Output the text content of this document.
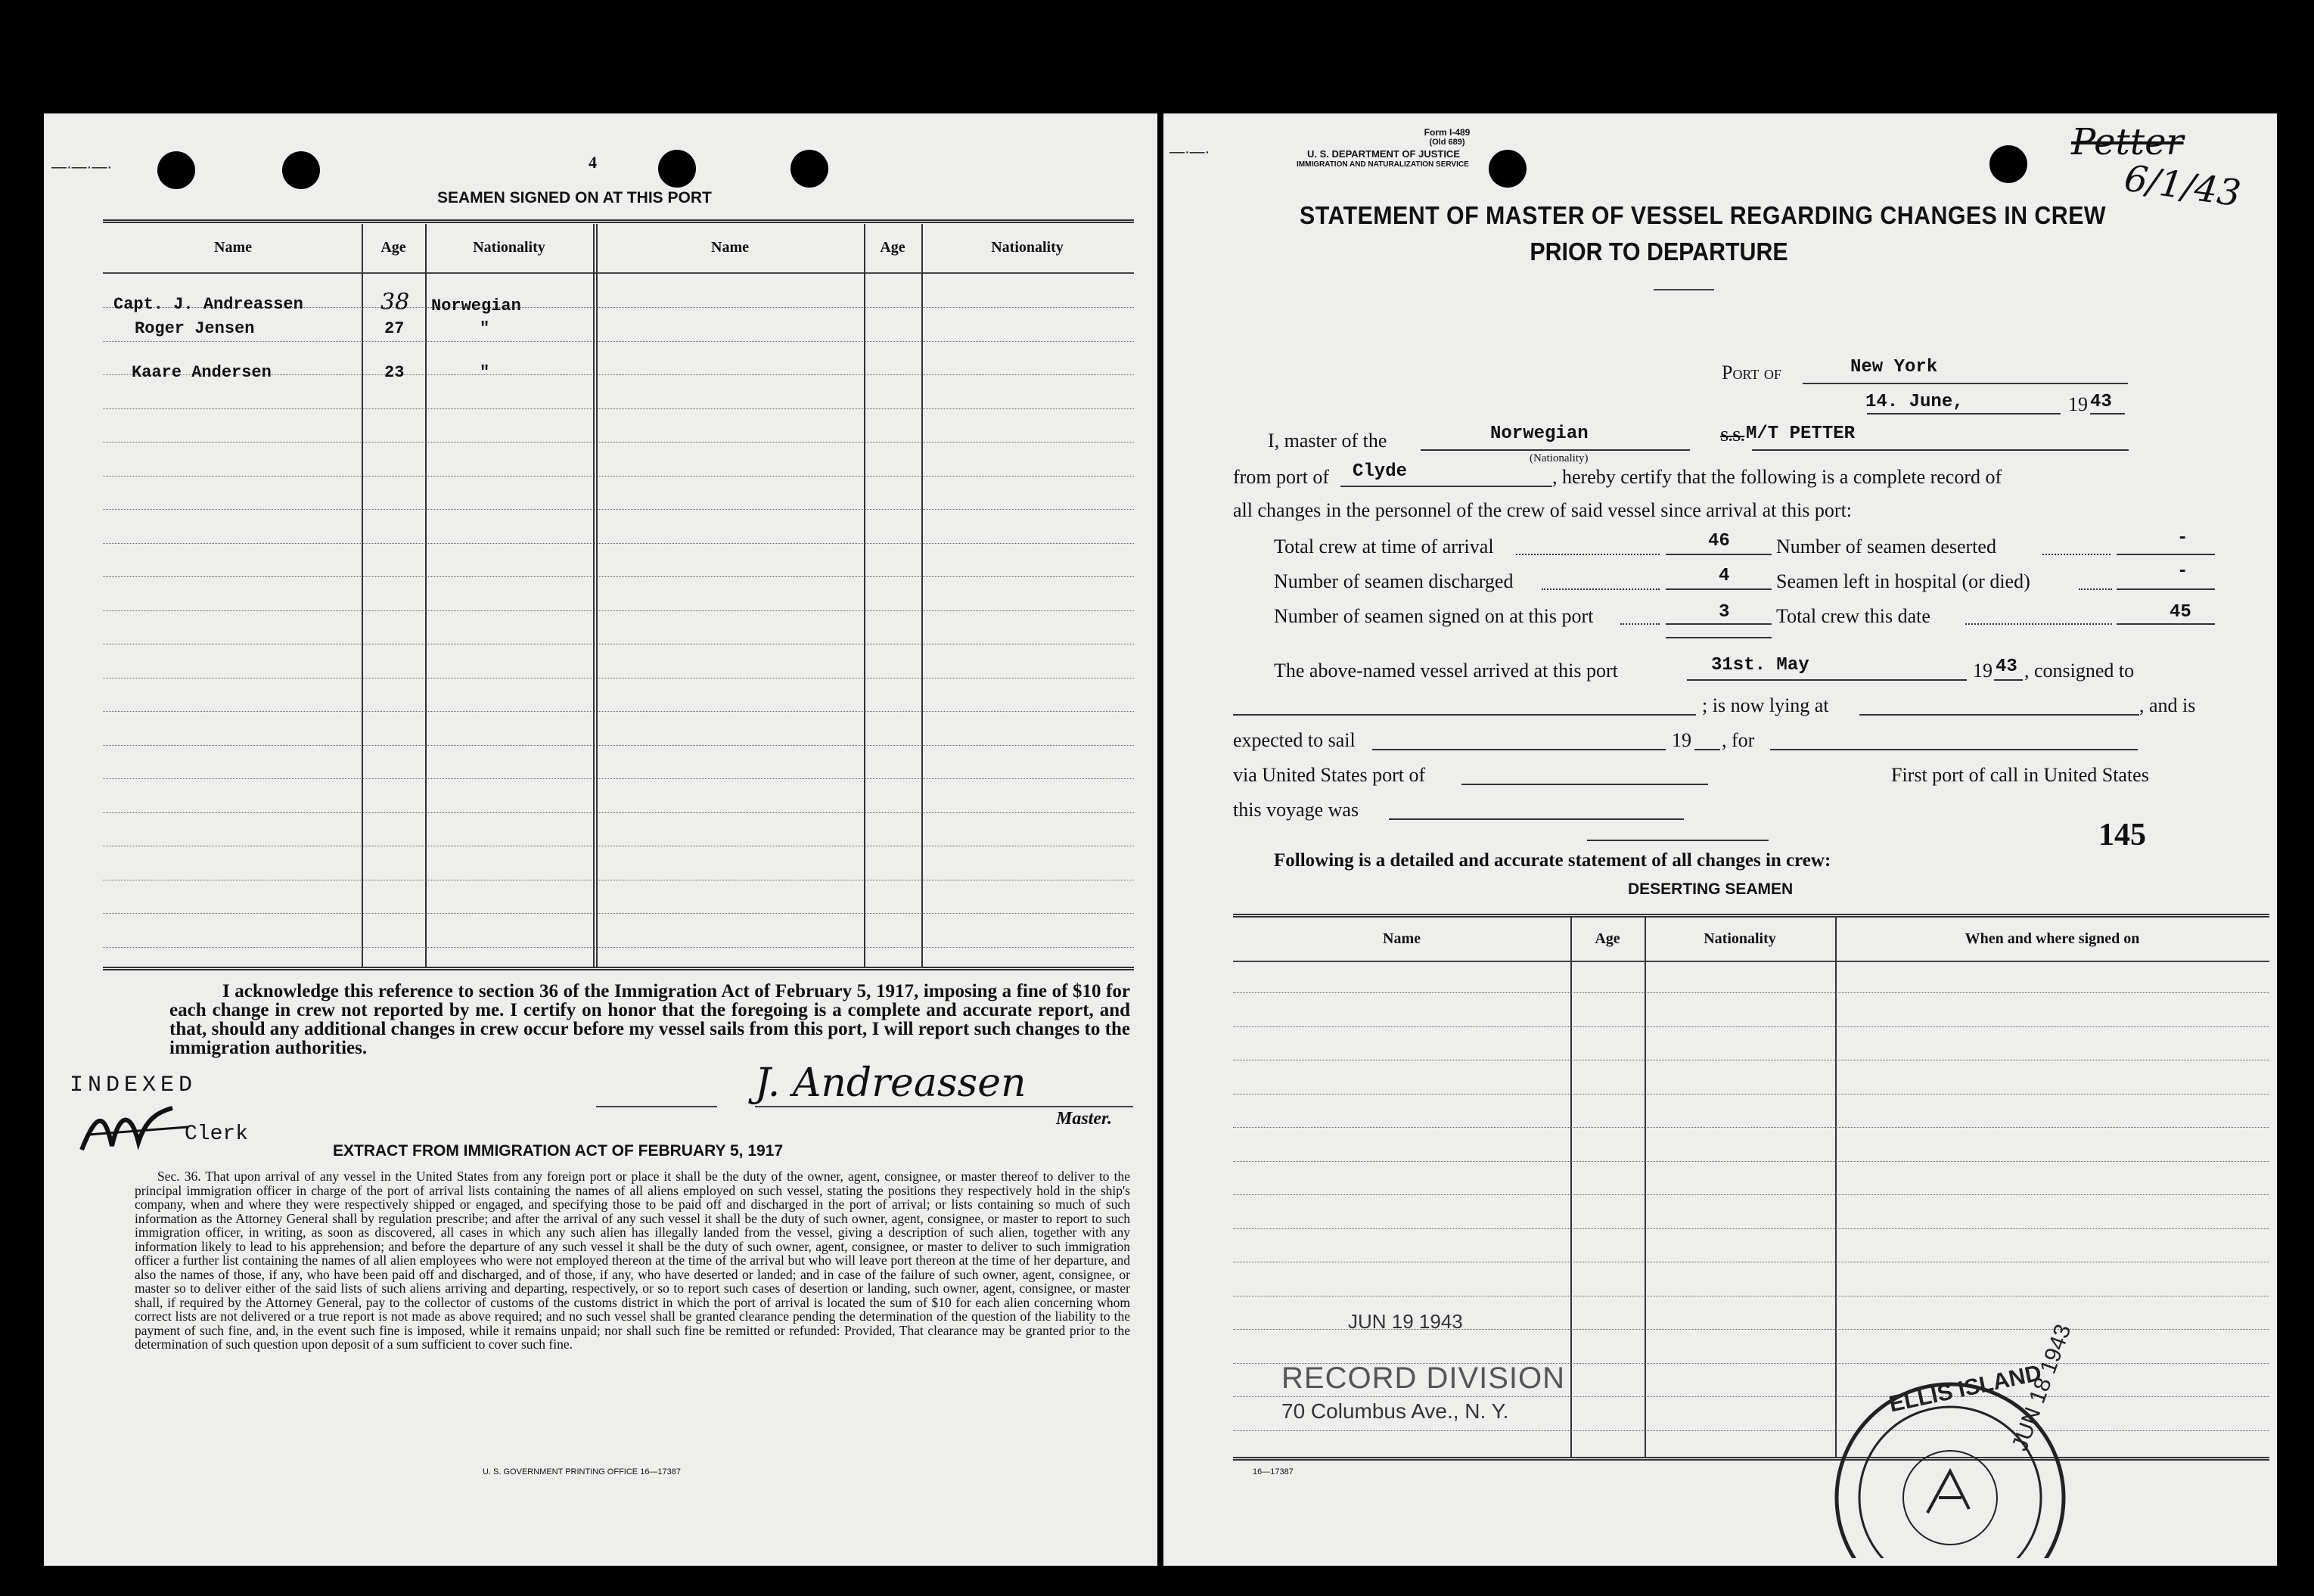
—·—·—·	4
SEAMEN SIGNED ON AT THIS PORT
Name	Age	Nationality	Name	Age	Nationality
Capt. J. Andreassen	38 Norwegian
Roger Jensen	27	"
Kaare Andersen	23	"
I acknowledge this reference to section 36 of the Immigration Act of February 5, 1917, imposing a fine of $10 for each change in crew not reported by me. I certify on honor that the foregoing is a complete and accurate report, and that, should any additional changes in crew occur before my vessel sails from this port, I will report such changes to the immigration authorities.
INDEXED
Clerk
J. Andreassen
Master.
EXTRACT FROM IMMIGRATION ACT OF FEBRUARY 5, 1917
Sec. 36. That upon arrival of any vessel in the United States from any foreign port or place it shall be the duty of the owner, agent, consignee, or master thereof to deliver to the principal immigration officer in charge of the port of arrival lists containing the names of all aliens employed on such vessel, stating the positions they respectively hold in the ship's company, when and where they were respectively shipped or engaged, and specifying those to be paid off and discharged in the port of arrival; or lists containing so much of such information as the Attorney General shall by regulation prescribe; and after the arrival of any such vessel it shall be the duty of such owner, agent, consignee, or master to report to such immigration officer, in writing, as soon as discovered, all cases in which any such alien has illegally landed from the vessel, giving a description of such alien, together with any information likely to lead to his apprehension; and before the departure of any such vessel it shall be the duty of such owner, agent, consignee, or master to deliver to such immigration officer a further list containing the names of all alien employees who were not employed thereon at the time of the arrival but who will leave port thereon at the time of her departure, and also the names of those, if any, who have been paid off and discharged, and of those, if any, who have deserted or landed; and in case of the failure of such owner, agent, consignee, or master so to deliver either of the said lists of such aliens arriving and departing, respectively, or so to report such cases of desertion or landing, such owner, agent, consignee, or master shall, if required by the Attorney General, pay to the collector of customs of the customs district in which the port of arrival is located the sum of $10 for each alien concerning whom correct lists are not delivered or a true report is not made as above required; and no such vessel shall be granted clearance pending the determination of the question of the liability to the payment of such fine, and, in the event such fine is imposed, while it remains unpaid; nor shall such fine be remitted or refunded: Provided, That clearance may be granted prior to the determination of such question upon deposit of a sum sufficient to cover such fine.
U. S. GOVERNMENT PRINTING OFFICE 16—17387
—·—·
Form I-489
(Old 689)
U. S. DEPARTMENT OF JUSTICE
IMMIGRATION AND NATURALIZATION SERVICE
Petter
6/1/43
STATEMENT OF MASTER OF VESSEL REGARDING CHANGES IN CREW
PRIOR TO DEPARTURE
Port of	New York
14. June,	19 43
I, master of the	Norwegian
(Nationality)
S.S. M/T PETTER
from port of Clyde	, hereby certify that the following is a complete record of
all changes in the personnel of the crew of said vessel since arrival at this port:
Total crew at time of arrival	46 Number of seamen deserted	-
Number of seamen discharged	4 Seamen left in hospital (or died)	-
Number of seamen signed on at this port	3 Total crew this date	45
The above-named vessel arrived at this port	31st. May	19 43 , consigned to
; is now lying at	, and is
expected to sail	19 , for
via United States port of	First port of call in United States
this voyage was
145
Following is a detailed and accurate statement of all changes in crew:
DESERTING SEAMEN
Name	Age	Nationality	When and where signed on
JUN 19 1943
RECORD DIVISION
70 Columbus Ave., N. Y.	JUN 18 1943
ELLIS ISLAND
16—17387
